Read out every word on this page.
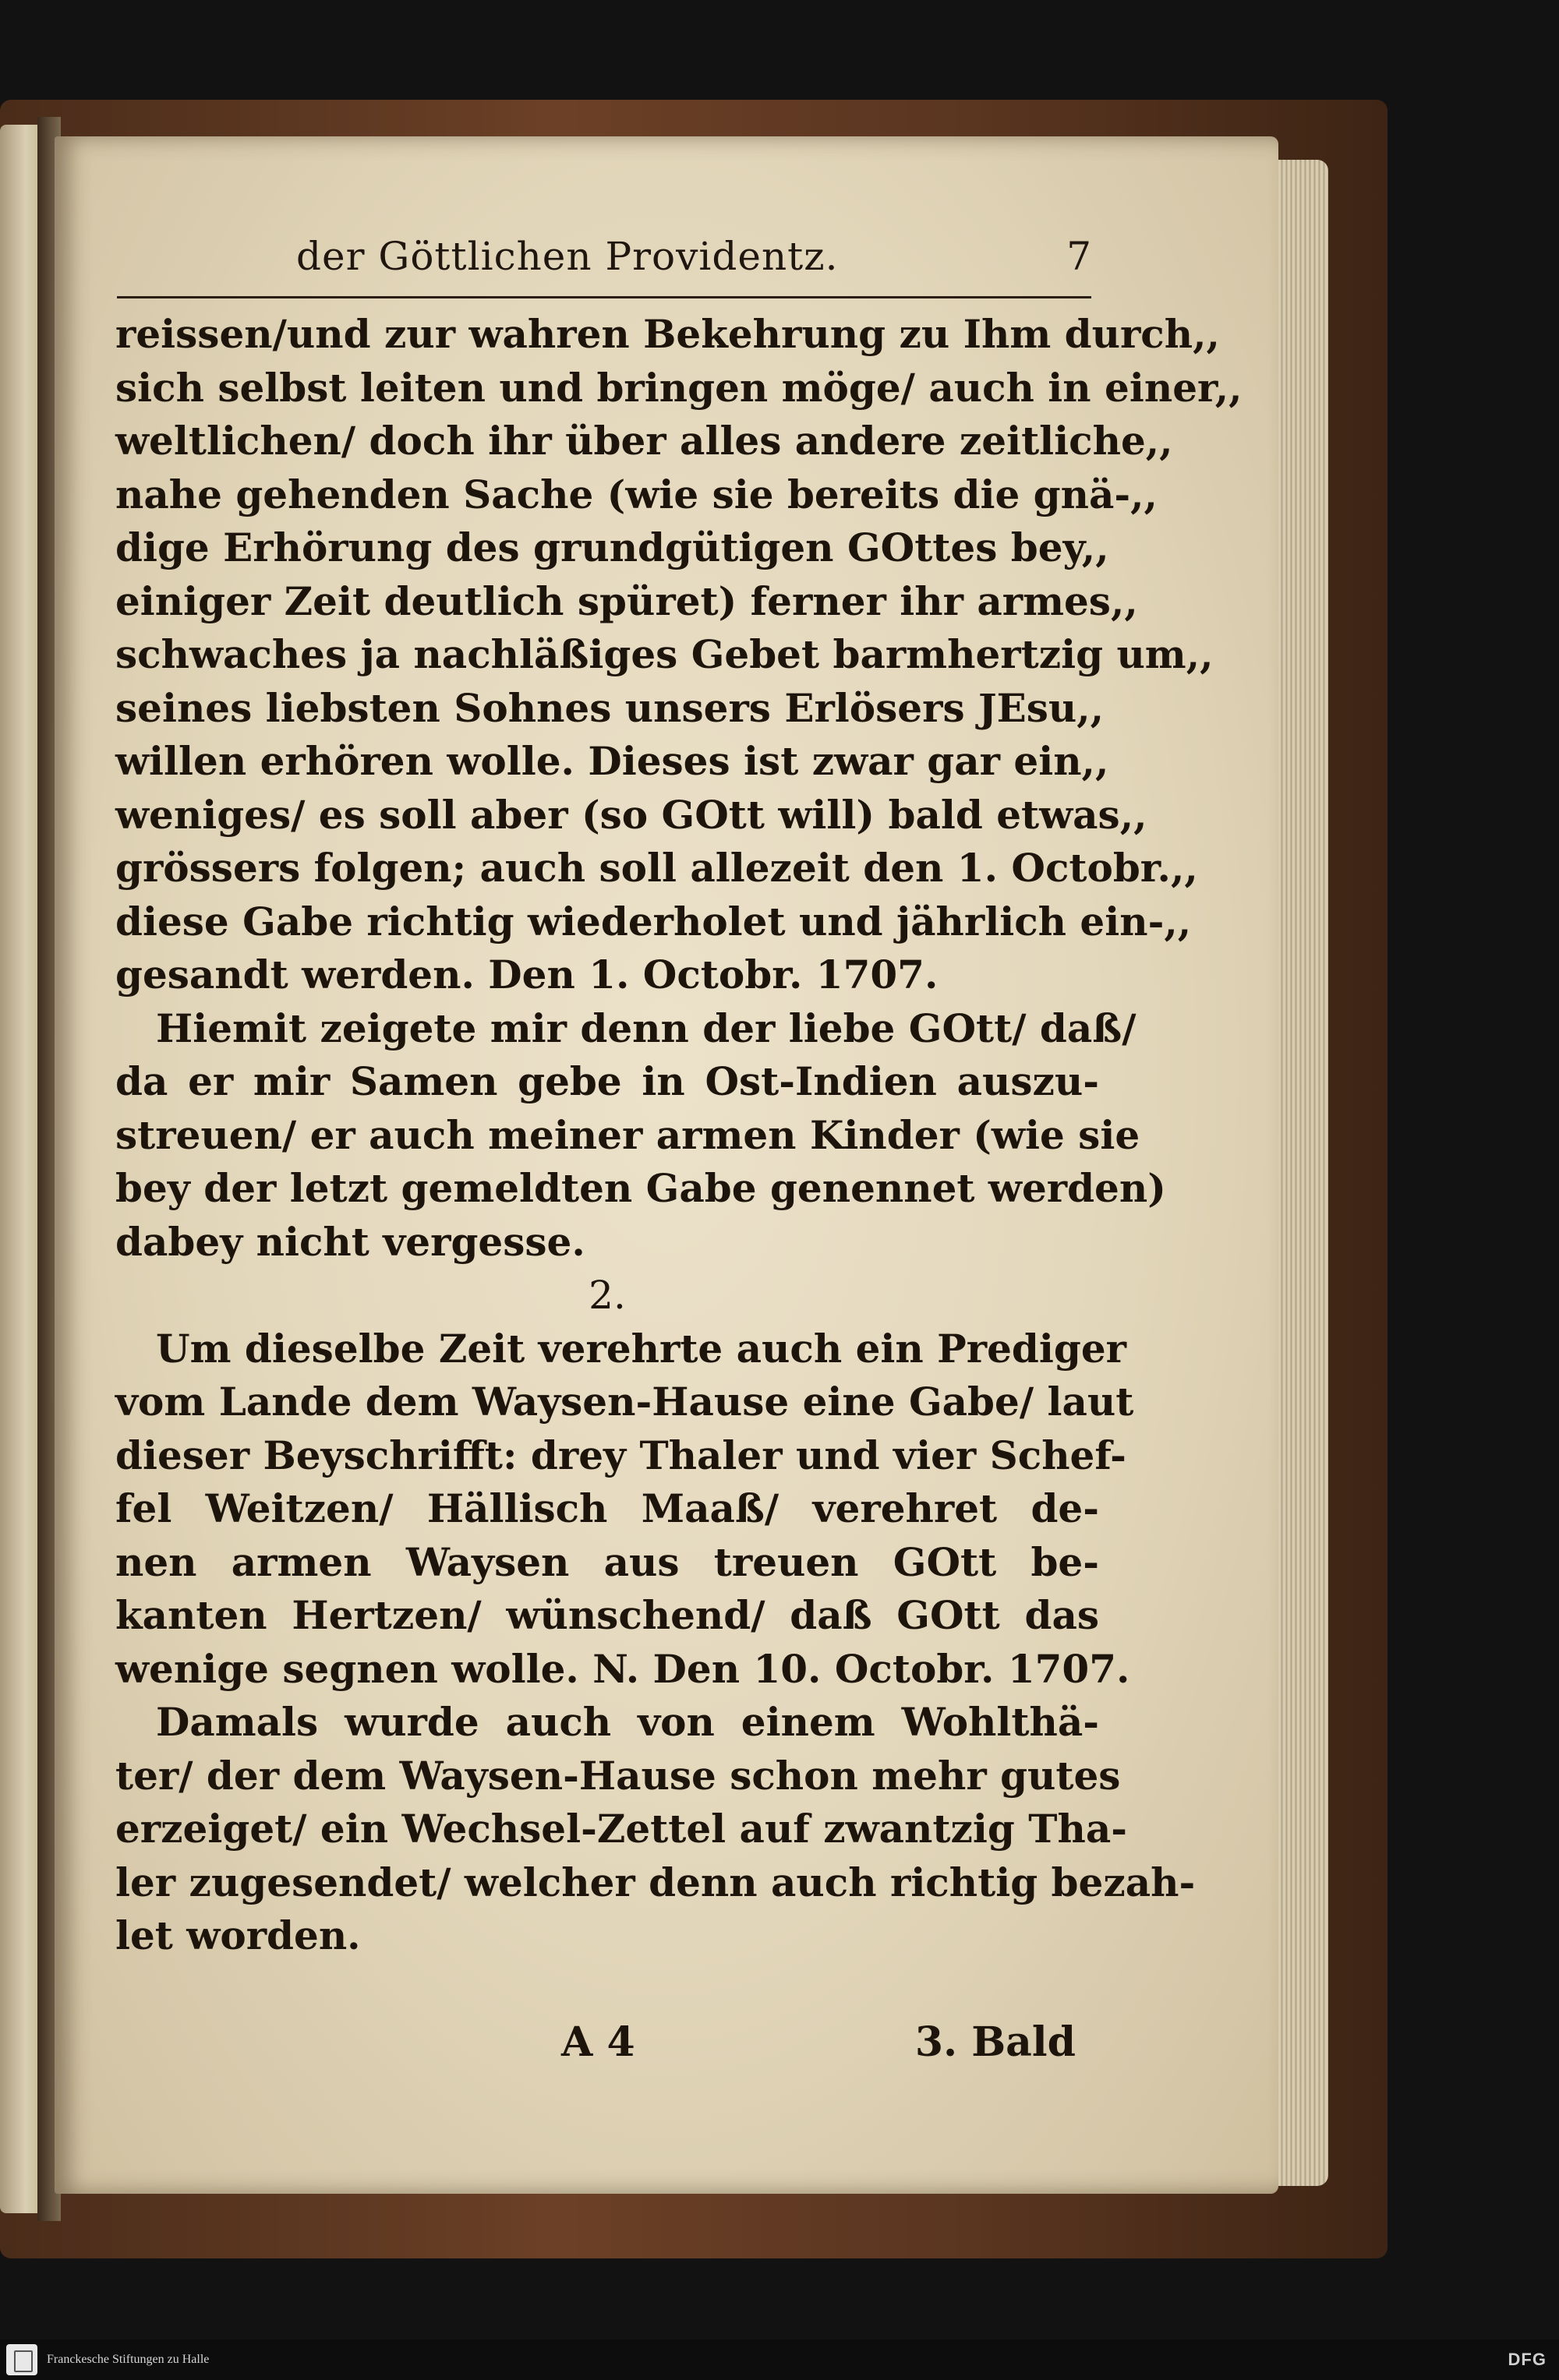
der Göttlichen Providentz.	7
reissen/und zur wahren Bekehrung zu Ihm durch,,
sich selbst leiten und bringen möge/ auch in einer,,
weltlichen/ doch ihr über alles andere zeitliche,,
nahe gehenden Sache (wie sie bereits die gnä-,,
dige Erhörung des grundgütigen GOttes bey,,
einiger Zeit deutlich spüret) ferner ihr armes,,
schwaches ja nachläßiges Gebet barmhertzig um,,
seines liebsten Sohnes unsers Erlösers JEsu,,
willen erhören wolle. Dieses ist zwar gar ein,,
weniges/ es soll aber (so GOtt will) bald etwas,,
grössers folgen; auch soll allezeit den 1. Octobr.,,
diese Gabe richtig wiederholet und jährlich ein-,,
gesandt werden. Den 1. Octobr. 1707.
Hiemit zeigete mir denn der liebe GOtt/ daß/
da er mir Samen gebe in Ost-Indien auszu-
streuen/ er auch meiner armen Kinder (wie sie
bey der letzt gemeldten Gabe genennet werden)
dabey nicht vergesse.
2.
Um dieselbe Zeit verehrte auch ein Prediger
vom Lande dem Waysen-Hause eine Gabe/ laut
dieser Beyschrifft: drey Thaler und vier Schef-
fel Weitzen/ Hällisch Maaß/ verehret de-
nen armen Waysen aus treuen GOtt be-
kanten Hertzen/ wünschend/ daß GOtt das
wenige segnen wolle. N. Den 10. Octobr. 1707.
Damals wurde auch von einem Wohlthä-
ter/ der dem Waysen-Hause schon mehr gutes
erzeiget/ ein Wechsel-Zettel auf zwantzig Tha-
ler zugesendet/ welcher denn auch richtig bezah-
let worden.
A 4	3. Bald
Franckesche Stiftungen zu Halle	DFG
